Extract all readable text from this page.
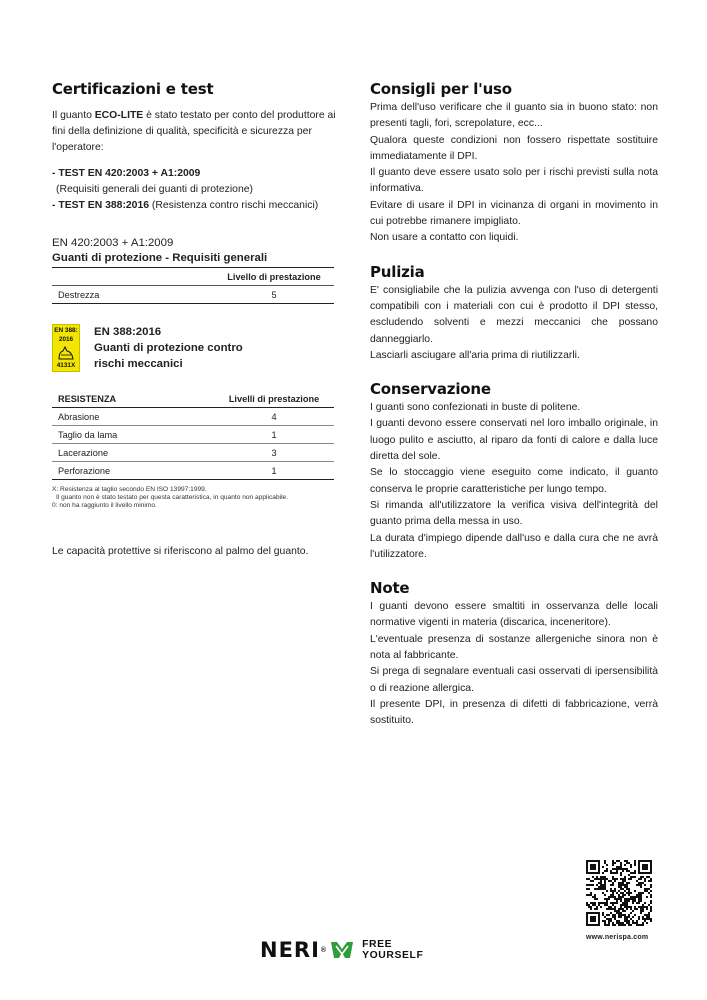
Certificazioni e test

Il guanto ECO-LITE è stato testato per conto del produttore ai fini della definizione di qualità, specificità e sicurezza per l'operatore:

- TEST EN 420:2003 + A1:2009
(Requisiti generali dei guanti di protezione)
- TEST EN 388:2016 (Resistenza contro rischi meccanici)
EN 420:2003 + A1:2009
Guanti di protezione - Requisiti generali
	Livello di prestazione
Destrezza	5
EN 388:
2016
4131X
EN 388:2016
Guanti di protezione contro
rischi meccanici
RESISTENZA	Livelli di prestazione
Abrasione	4
Taglio da lama	1
Lacerazione	3
Perforazione	1
X: Resistenza al taglio secondo EN ISO 13997:1999.
Il guanto non è stato testato per questa caratteristica, in quanto non applicabile.
0: non ha raggiunto il livello minimo.

Le capacità protettive si riferiscono al palmo del guanto.

Consigli per l'uso

Prima dell'uso verificare che il guanto sia in buono stato: non presenti tagli, fori, screpolature, ecc...

Qualora queste condizioni non fossero rispettate sostituire immediatamente il DPI.

Il guanto deve essere usato solo per i rischi previsti sulla nota informativa.

Evitare di usare il DPI in vicinanza di organi in movimento in cui potrebbe rimanere impigliato.

Non usare a contatto con liquidi.

Pulizia

E' consigliabile che la pulizia avvenga con l'uso di detergenti compatibili con i materiali con cui è prodotto il DPI stesso, escludendo solventi e mezzi meccanici che possano danneggiarlo.

Lasciarli asciugare all'aria prima di riutilizzarli.

Conservazione

I guanti sono confezionati in buste di politene.

I guanti devono essere conservati nel loro imballo originale, in luogo pulito e asciutto, al riparo da fonti di calore e dalla luce diretta del sole.

Se lo stoccaggio viene eseguito come indicato, il guanto conserva le proprie caratteristiche per lungo tempo.

Si rimanda all'utilizzatore la verifica visiva dell'integrità del guanto prima della messa in uso.

La durata d'impiego dipende dall'uso e dalla cura che ne avrà l'utilizzatore.

Note

I guanti devono essere smaltiti in osservanza delle locali normative vigenti in materia (discarica, inceneritore).

L'eventuale presenza di sostanze allergeniche sinora non è nota al fabbricante.

Si prega di segnalare eventuali casi osservati di ipersensibilità o di reazione allergica.

Il presente DPI, in presenza di difetti di fabbricazione, verrà sostituito.

NERI ®	FREE
YOURSELF
www.nerispa.com
